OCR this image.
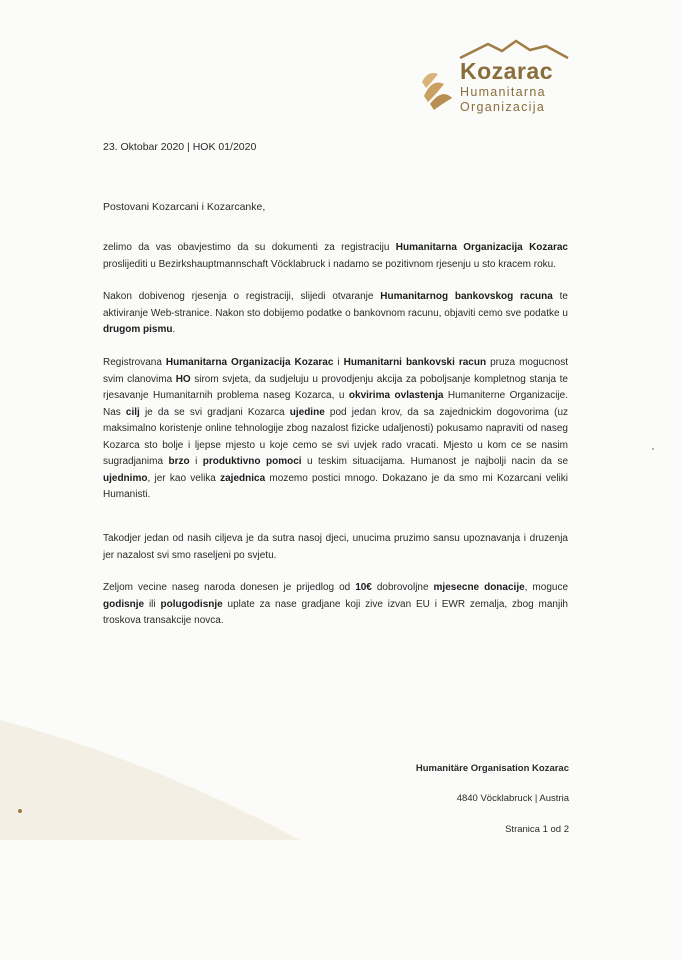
Kozarac
Humanitarna
Organizacija
23. Oktobar 2020 | HOK 01/2020
Postovani Kozarcani i Kozarcanke,
zelimo da vas obavjestimo da su dokumenti za registraciju Humanitarna Organizacija Kozarac proslijediti u Bezirkshauptmannschaft Vöcklabruck i nadamo se pozitivnom rjesenju u sto kracem roku.
Nakon dobivenog rjesenja o registraciji, slijedi otvaranje Humanitarnog bankovskog racuna te aktiviranje Web-stranice. Nakon sto dobijemo podatke o bankovnom racunu, objaviti cemo sve podatke u drugom pismu.
Registrovana Humanitarna Organizacija Kozarac i Humanitarni bankovski racun pruza mogucnost svim clanovima HO sirom svjeta, da sudjeluju u provodjenju akcija za poboljsanje kompletnog stanja te rjesavanje Humanitarnih problema naseg Kozarca, u okvirima ovlastenja Humaniterne Organizacije. Nas cilj je da se svi gradjani Kozarca ujedine pod jedan krov, da sa zajednickim dogovorima (uz maksimalno koristenje online tehnologije zbog nazalost fizicke udaljenosti) pokusamo napraviti od naseg Kozarca sto bolje i ljepse mjesto u koje cemo se svi uvjek rado vracati. Mjesto u kom ce se nasim sugradjanima brzo i produktivno pomoci u teskim situacijama. Humanost je najbolji nacin da se ujednimo, jer kao velika zajednica mozemo postici mnogo. Dokazano je da smo mi Kozarcani veliki Humanisti.
Takodjer jedan od nasih ciljeva je da sutra nasoj djeci, unucima pruzimo sansu upoznavanja i druzenja jer nazalost svi smo raseljeni po svjetu.
Zeljom vecine naseg naroda donesen je prijedlog od 10€ dobrovoljne mjesecne donacije, moguce godisnje ili polugodisnje uplate za nase gradjane koji zive izvan EU i EWR zemalja, zbog manjih troskova transakcije novca.
Humanitäre Organisation Kozarac
4840 Vöcklabruck | Austria
Stranica 1 od 2
